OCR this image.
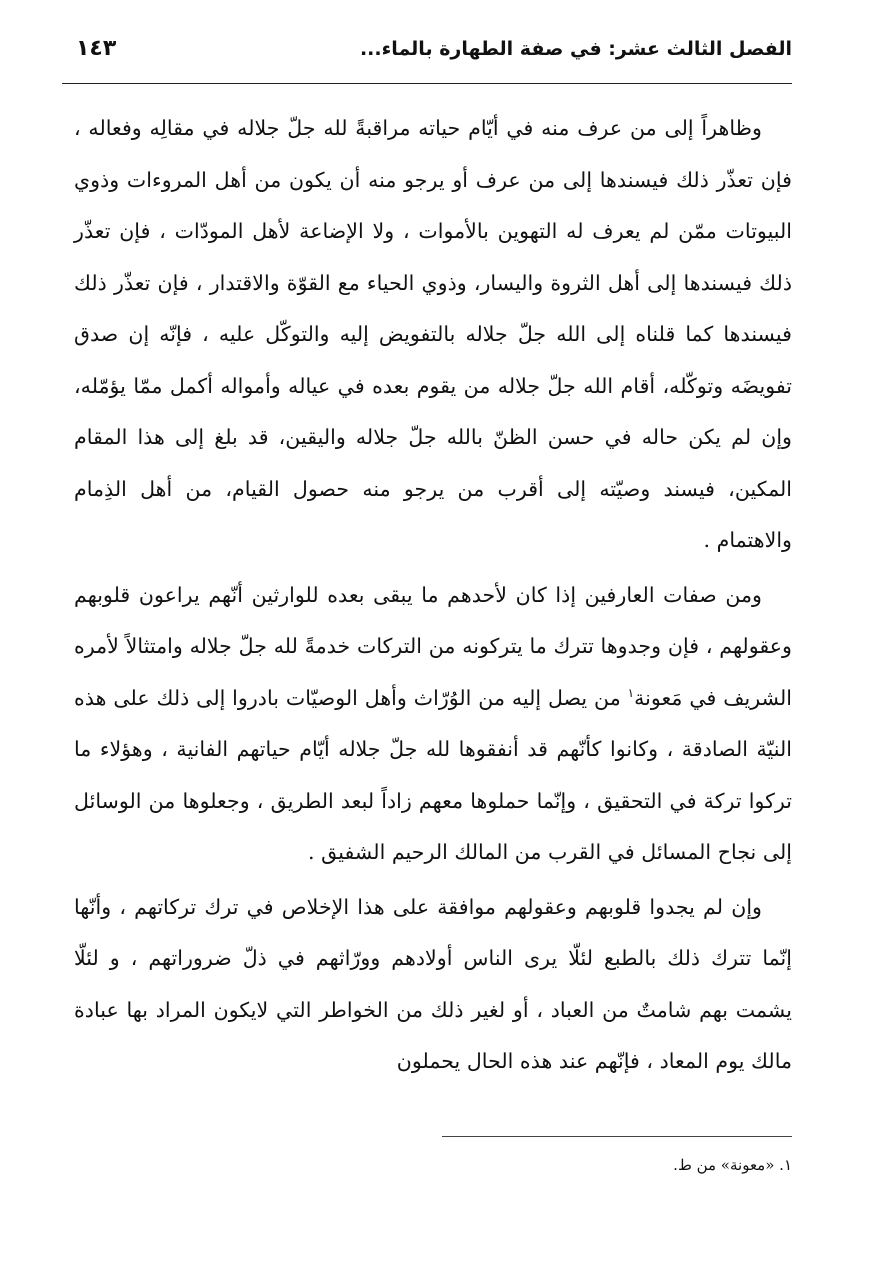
الفصل الثالث عشر: في صفة الطهارة بالماء...
١٤٣

وظاهراً إلى من عرف منه في أيّام حياته مراقبةً لله جلّ جلاله في مقالِه وفعاله ، فإن تعذّر ذلك فيسندها إلى من عرف أو يرجو منه أن يكون من أهل المروءات وذوي البيوتات ممّن لم يعرف له التهوين بالأموات ، ولا الإضاعة لأهل المودّات ، فإن تعذّر ذلك فيسندها إلى أهل الثروة واليسار، وذوي الحياء مع القوّة والاقتدار ، فإن تعذّر ذلك فيسندها كما قلناه إلى الله جلّ جلاله بالتفويض إليه والتوكّل عليه ، فإنّه إن صدق تفويضَه وتوكّله، أقام الله جلّ جلاله من يقوم بعده في عياله وأمواله أكمل ممّا يؤمّله، وإن لم يكن حاله في حسن الظنّ بالله جلّ جلاله واليقين، قد بلغ إلى هذا المقام المكين، فيسند وصيّته إلى أقرب من يرجو منه حصول القيام، من أهل الذِمام والاهتمام .

ومن صفات العارفين إذا كان لأحدهم ما يبقى بعده للوارثين أنّهم يراعون قلوبهم وعقولهم ، فإن وجدوها تترك ما يتركونه من التركات خدمةً لله جلّ جلاله وامتثالاً لأمره الشريف في مَعونة$^١$ من يصل إليه من الوُرّاث وأهل الوصيّات بادروا إلى ذلك على هذه النيّة الصادقة ، وكانوا كأنّهم قد أنفقوها لله جلّ جلاله أيّام حياتهم الفانية ، وهؤلاء ما تركوا تركة في التحقيق ، وإنّما حملوها معهم زاداً لبعد الطريق ، وجعلوها من الوسائل إلى نجاح المسائل في القرب من المالك الرحيم الشفيق .

وإن لم يجدوا قلوبهم وعقولهم موافقة على هذا الإخلاص في ترك تركاتهم ، وأنّها إنّما تترك ذلك بالطبع لئلّا يرى الناس أولادهم وورّاثهم في ذلّ ضروراتهم ، و لئلّا يشمت بهم شامتٌ من العباد ، أو لغير ذلك من الخواطر التي لايكون المراد بها عبادة مالك يوم المعاد ، فإنّهم عند هذه الحال يحملون

١. «معونة» من ط.
